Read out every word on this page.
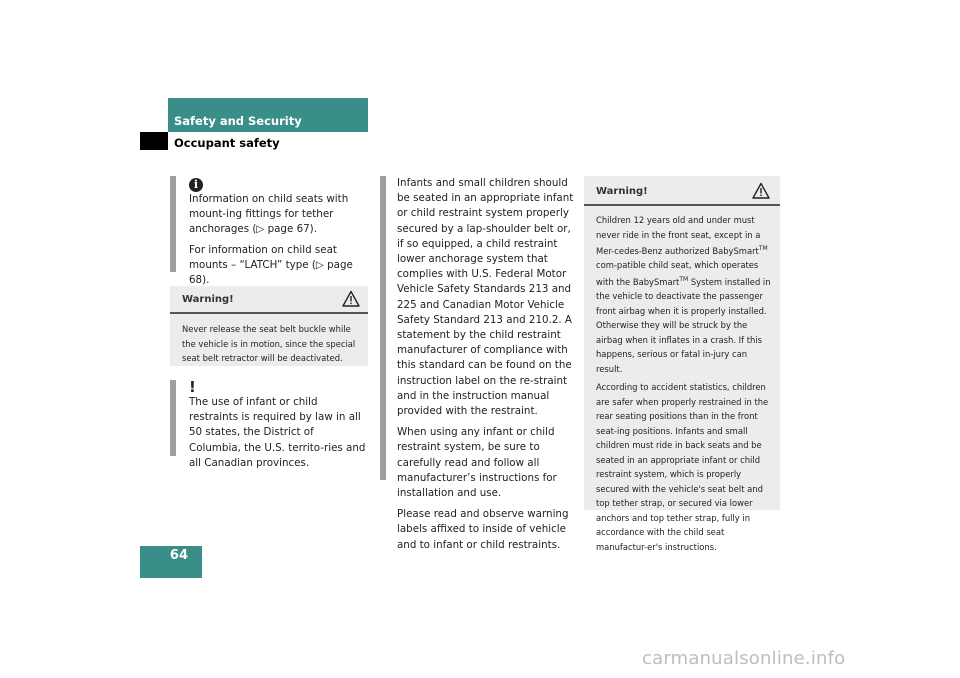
Safety and Security
Occupant safety
i

Information on child seats with mount-ing fittings for tether anchorages (▷ page 67).

For information on child seat mounts – “LATCH” type (▷ page 68).

Warning!

Never release the seat belt buckle while the vehicle is in motion, since the special seat belt retractor will be deactivated.

!

The use of infant or child restraints is required by law in all 50 states, the District of Columbia, the U.S. territo-ries and all Canadian provinces.

Infants and small children should be seated in an appropriate infant or child restraint system properly secured by a lap-shoulder belt or, if so equipped, a child restraint lower anchorage system that complies with U.S. Federal Motor Vehicle Safety Standards 213 and 225 and Canadian Motor Vehicle Safety Standard 213 and 210.2. A statement by the child restraint manufacturer of compliance with this standard can be found on the instruction label on the re-straint and in the instruction manual provided with the restraint.

When using any infant or child restraint system, be sure to carefully read and follow all manufacturer’s instructions for installation and use.

Please read and observe warning labels affixed to inside of vehicle and to infant or child restraints.

Warning!

Children 12 years old and under must never ride in the front seat, except in a Mer-cedes-Benz authorized BabySmart™ com-patible child seat, which operates with the BabySmart™ System installed in the vehicle to deactivate the passenger front airbag when it is properly installed. Otherwise they will be struck by the airbag when it inflates in a crash. If this happens, serious or fatal in-jury can result.

According to accident statistics, children are safer when properly restrained in the rear seating positions than in the front seat-ing positions. Infants and small children must ride in back seats and be seated in an appropriate infant or child restraint system, which is properly secured with the vehicle's seat belt and top tether strap, or secured via lower anchors and top tether strap, fully in accordance with the child seat manufactur-er's instructions.

64
carmanualsonline.info
